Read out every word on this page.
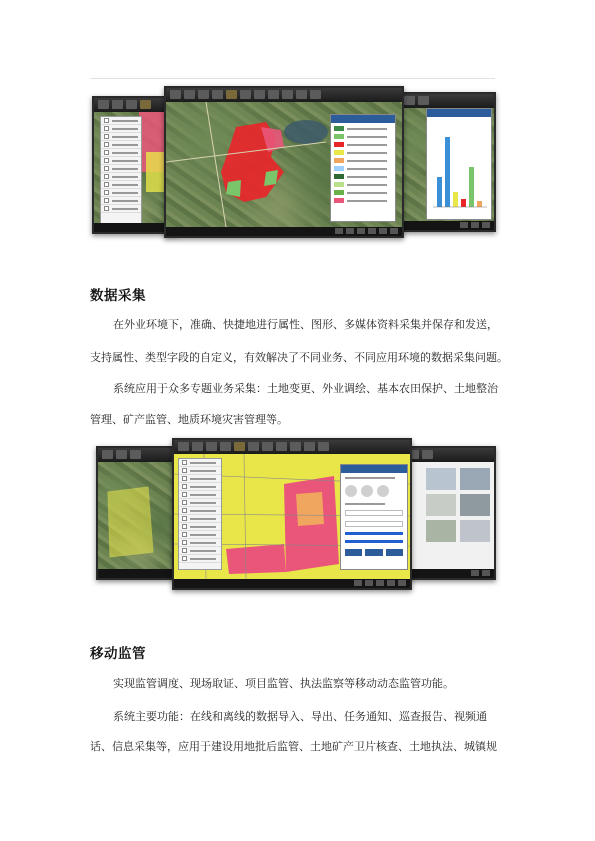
数据采集
在外业环境下，准确、快捷地进行属性、图形、多媒体资料采集并保存和发送，
支持属性、类型字段的自定义，有效解决了不同业务、不同应用环境的数据采集问题。
系统应用于众多专题业务采集：土地变更、外业调绘、基本农田保护、土地整治
管理、矿产监管、地质环境灾害管理等。
移动监管
实现监管调度、现场取证、项目监管、执法监察等移动动态监管功能。
系统主要功能：在线和离线的数据导入、导出、任务通知、巡查报告、视频通
话、信息采集等，应用于建设用地批后监管、土地矿产卫片核查、土地执法、城镇规
